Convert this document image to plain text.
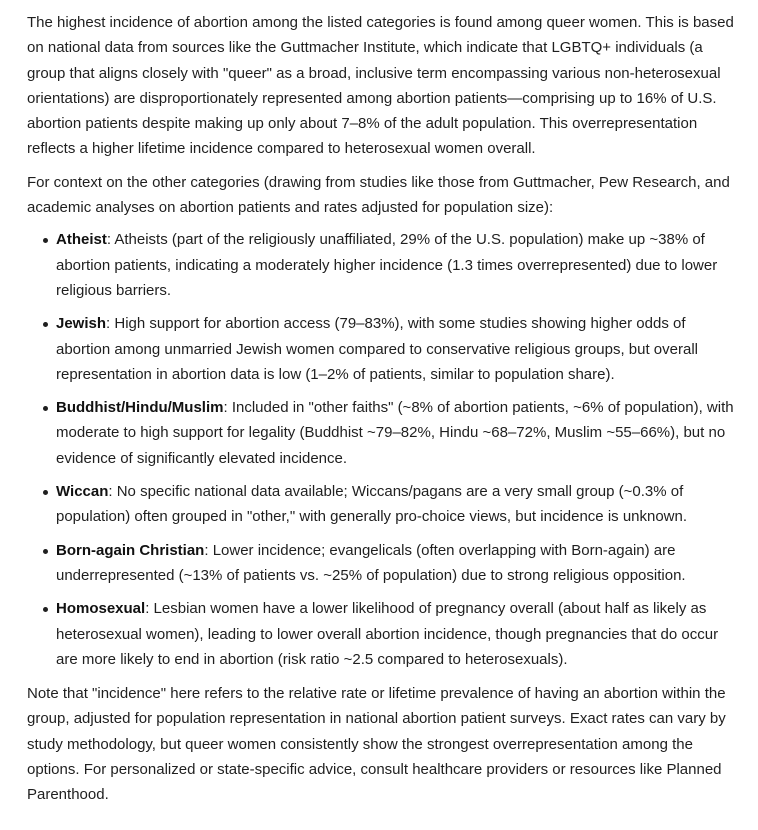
The highest incidence of abortion among the listed categories is found among queer women. This is based on national data from sources like the Guttmacher Institute, which indicate that LGBTQ+ individuals (a group that aligns closely with "queer" as a broad, inclusive term encompassing various non-heterosexual orientations) are disproportionately represented among abortion patients—comprising up to 16% of U.S. abortion patients despite making up only about 7–8% of the adult population. This overrepresentation reflects a higher lifetime incidence compared to heterosexual women overall.

For context on the other categories (drawing from studies like those from Guttmacher, Pew Research, and academic analyses on abortion patients and rates adjusted for population size):

Atheist: Atheists (part of the religiously unaffiliated, 29% of the U.S. population) make up ~38% of abortion patients, indicating a moderately higher incidence (1.3 times overrepresented) due to lower religious barriers.
Jewish: High support for abortion access (79–83%), with some studies showing higher odds of abortion among unmarried Jewish women compared to conservative religious groups, but overall representation in abortion data is low (1–2% of patients, similar to population share).
Buddhist/Hindu/Muslim: Included in "other faiths" (~8% of abortion patients, ~6% of population), with moderate to high support for legality (Buddhist ~79–82%, Hindu ~68–72%, Muslim ~55–66%), but no evidence of significantly elevated incidence.
Wiccan: No specific national data available; Wiccans/pagans are a very small group (~0.3% of population) often grouped in "other," with generally pro-choice views, but incidence is unknown.
Born-again Christian: Lower incidence; evangelicals (often overlapping with Born-again) are underrepresented (~13% of patients vs. ~25% of population) due to strong religious opposition.
Homosexual: Lesbian women have a lower likelihood of pregnancy overall (about half as likely as heterosexual women), leading to lower overall abortion incidence, though pregnancies that do occur are more likely to end in abortion (risk ratio ~2.5 compared to heterosexuals).

Note that "incidence" here refers to the relative rate or lifetime prevalence of having an abortion within the group, adjusted for population representation in national abortion patient surveys. Exact rates can vary by study methodology, but queer women consistently show the strongest overrepresentation among the options. For personalized or state-specific advice, consult healthcare providers or resources like Planned Parenthood.
